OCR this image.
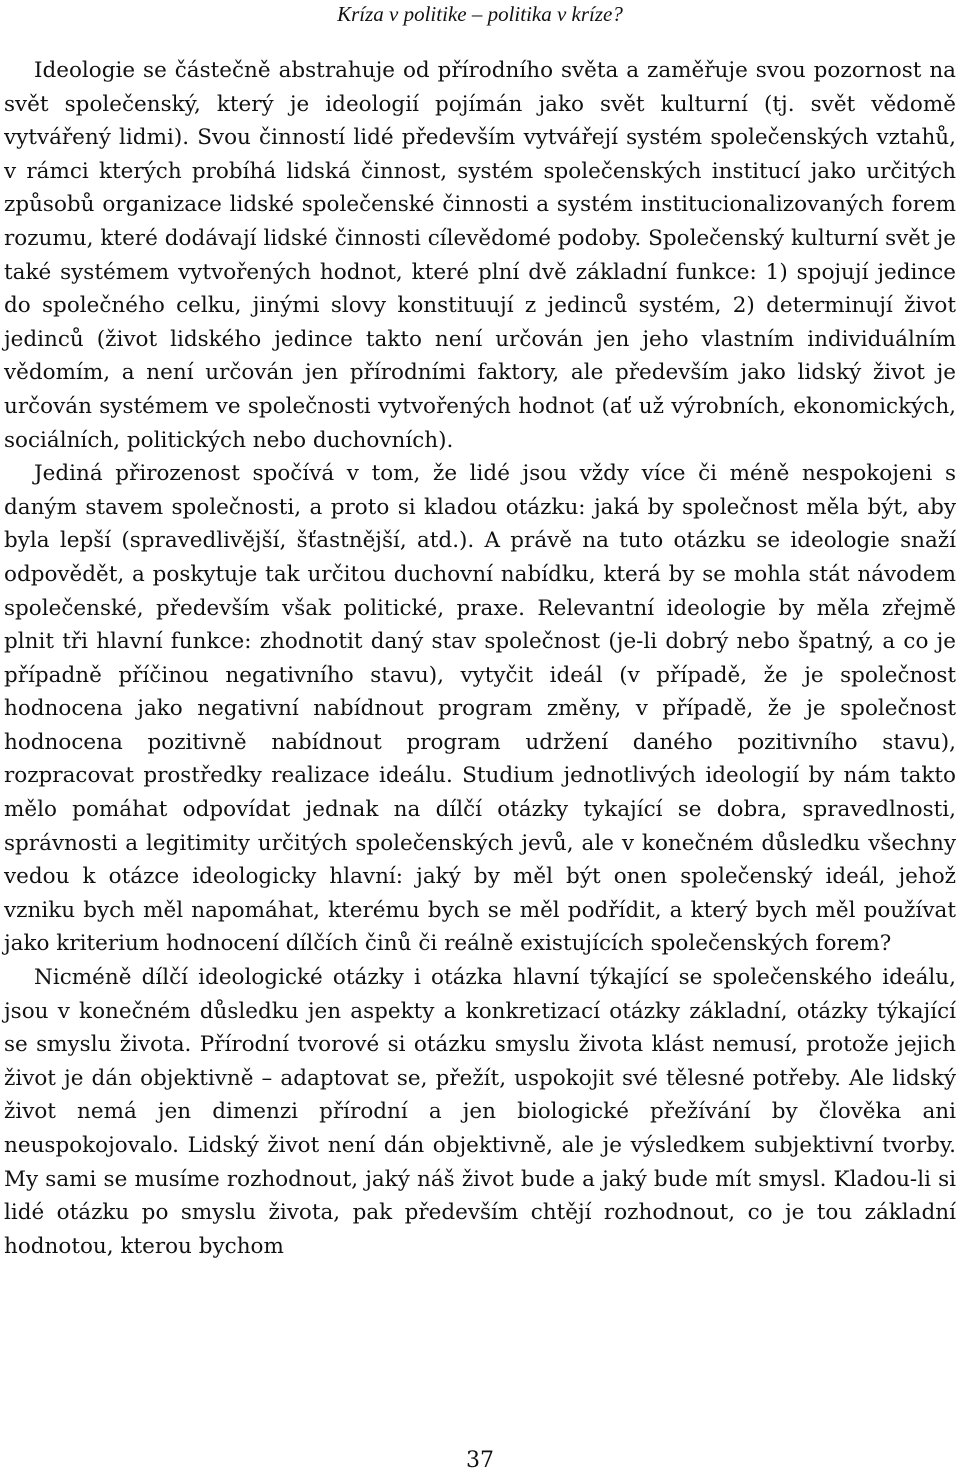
Kríza v politike – politika v kríze?

Ideologie se částečně abstrahuje od přírodního světa a zaměřuje svou pozornost na svět společenský, který je ideologií pojímán jako svět kulturní (tj. svět vědomě vytvářený lidmi). Svou činností lidé především vytvářejí systém společenských vztahů, v rámci kterých probíhá lidská činnost, systém společenských institucí jako určitých způsobů organizace lidské společenské činnosti a systém institucionalizovaných forem rozumu, které dodávají lidské činnosti cílevědomé podoby. Společenský kulturní svět je také systémem vytvořených hodnot, které plní dvě základní funkce: 1) spojují jedince do společného celku, jinými slovy konstituují z jedinců systém, 2) determinují život jedinců (život lidského jedince takto není určován jen jeho vlastním individuálním vědomím, a není určován jen přírodními faktory, ale především jako lidský život je určován systémem ve společnosti vytvořených hodnot (ať už výrobních, ekonomických, sociálních, politických nebo duchovních).

Jediná přirozenost spočívá v tom, že lidé jsou vždy více či méně nespokojeni s daným stavem společnosti, a proto si kladou otázku: jaká by společnost měla být, aby byla lepší (spravedlivější, šťastnější, atd.). A právě na tuto otázku se ideologie snaží odpovědět, a poskytuje tak určitou duchovní nabídku, která by se mohla stát návodem společenské, především však politické, praxe. Relevantní ideologie by měla zřejmě plnit tři hlavní funkce: zhodnotit daný stav společnost (je-li dobrý nebo špatný, a co je případně příčinou negativního stavu), vytyčit ideál (v případě, že je společnost hodnocena jako negativní nabídnout program změny, v případě, že je společnost hodnocena pozitivně nabídnout program udržení daného pozitivního stavu), rozpracovat prostředky realizace ideálu. Studium jednotlivých ideologií by nám takto mělo pomáhat odpovídat jednak na dílčí otázky tykající se dobra, spravedlnosti, správnosti a legitimity určitých společenských jevů, ale v konečném důsledku všechny vedou k otázce ideologicky hlavní: jaký by měl být onen společenský ideál, jehož vzniku bych měl napomáhat, kterému bych se měl podřídit, a který bych měl používat jako kriterium hodnocení dílčích činů či reálně existujících společenských forem?

Nicméně dílčí ideologické otázky i otázka hlavní týkající se společenského ideálu, jsou v konečném důsledku jen aspekty a konkretizací otázky základní, otázky týkající se smyslu života. Přírodní tvorové si otázku smyslu života klást nemusí, protože jejich život je dán objektivně – adaptovat se, přežít, uspokojit své tělesné potřeby. Ale lidský život nemá jen dimenzi přírodní a jen biologické přežívání by člověka ani neuspokojovalo. Lidský život není dán objektivně, ale je výsledkem subjektivní tvorby. My sami se musíme rozhodnout, jaký náš život bude a jaký bude mít smysl. Kladou-li si lidé otázku po smyslu života, pak především chtějí rozhodnout, co je tou základní hodnotou, kterou bychom

37
